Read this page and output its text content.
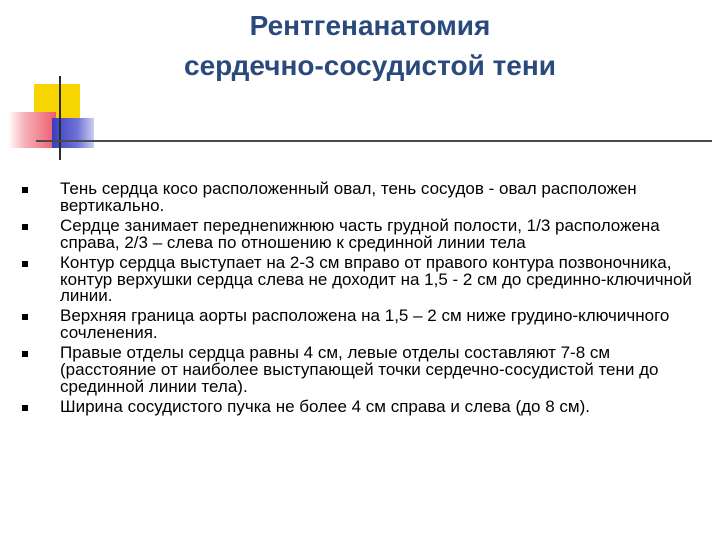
Рентгенанатомия
сердечно-сосудистой тени
Тень сердца косо расположенный овал, тень сосудов - овал расположен вертикально.
Сердце занимает переднenижнюю часть грудной полости, 1/3 расположена справа, 2/3 – слева по отношению к срединной линии тела
Контур сердца выступает на 2-3 см вправо от правого контура позвоночника, контур верхушки сердца слева не доходит на 1,5 - 2 см до срединно-ключичной линии.
Верхняя граница аорты расположена на 1,5 – 2 см ниже грудино-ключичного сочленения.
Правые отделы сердца равны 4 см, левые отделы составляют 7-8 см (расстояние от наиболее выступающей точки сердечно-сосудистой тени до срединной линии тела).
Ширина сосудистого пучка не более 4 см справа и слева (до 8 см).
